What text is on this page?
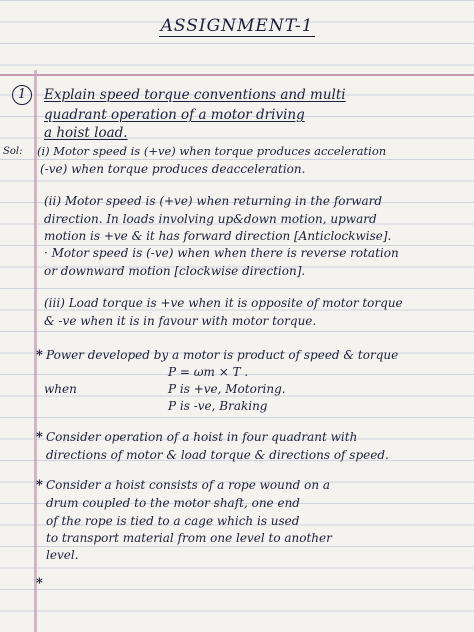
ASSIGNMENT-1
1	Explain speed torque conventions and multi
quadrant operation of a motor driving
a hoist load.
Sol: (i) Motor speed is (+ve) when torque produces acceleration
(-ve) when torque produces deacceleration.
(ii) Motor speed is (+ve) when returning in the forward
direction. In loads involving up&down motion, upward
motion is +ve & it has forward direction [Anticlockwise].
· Motor speed is (-ve) when when there is reverse rotation
or downward motion [clockwise direction].
(iii) Load torque is +ve when it is opposite of motor torque
& -ve when it is in favour with motor torque.
* Power developed by a motor is product of speed & torque
P = ωm × T .
when	P is +ve, Motoring.
P is -ve, Braking
* Consider operation of a hoist in four quadrant with
directions of motor & load torque & directions of speed.
* Consider a hoist consists of a rope wound on a
drum coupled to the motor shaft, one end
of the rope is tied to a cage which is used
to transport material from one level to another
level.
*
